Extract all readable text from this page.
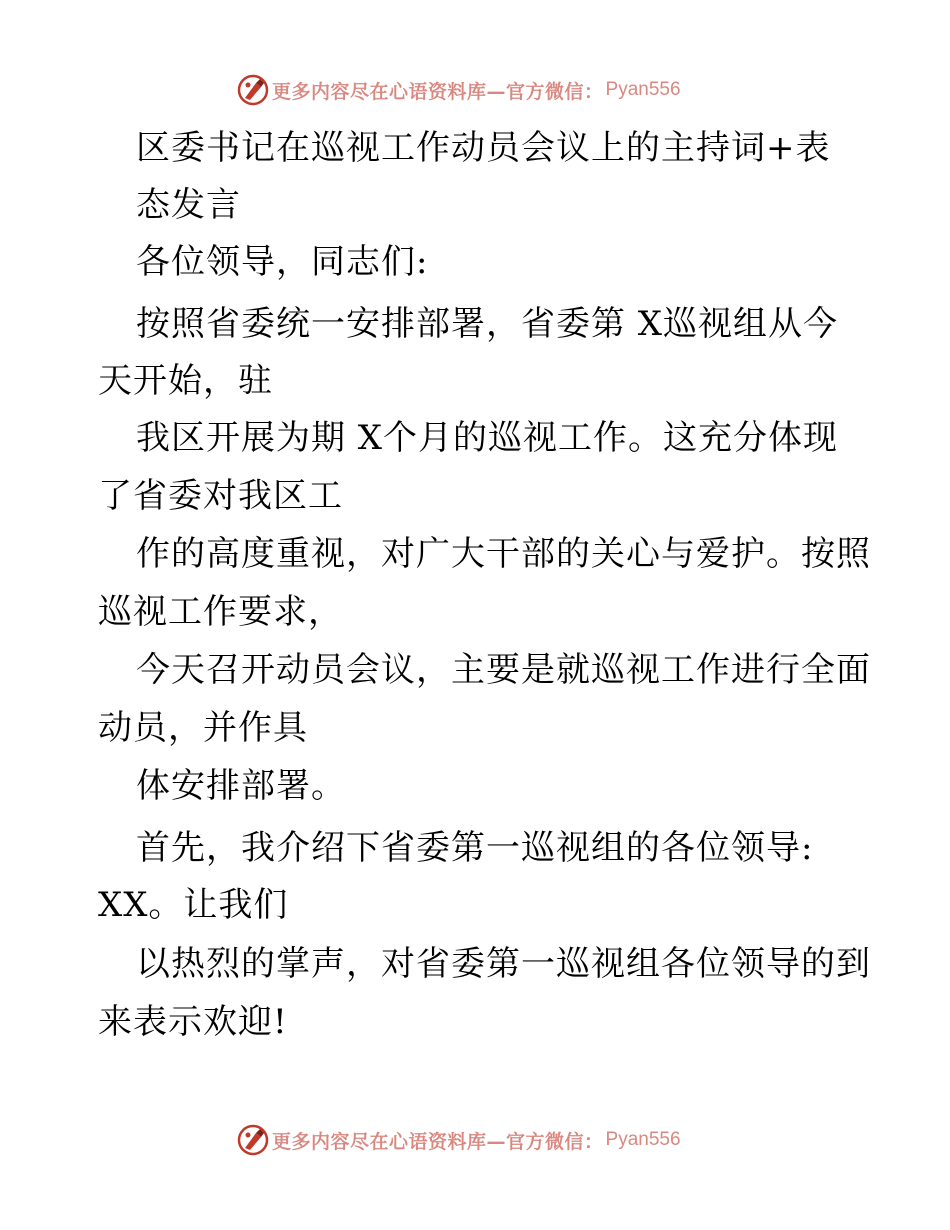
更多内容尽在心语资料库—官方微信： Pyan556
区委书记在巡视工作动员会议上的主持词+表
态发言
各位领导，同志们:
按照省委统一安排部署，省委第 X巡视组从今
天开始，驻
我区开展为期 X个月的巡视工作。这充分体现
了省委对我区工
作的高度重视，对广大干部的关心与爱护。按照
巡视工作要求，
今天召开动员会议，主要是就巡视工作进行全面
动员，并作具
体安排部署。
首先，我介绍下省委第一巡视组的各位领导:
XX。让我们
以热烈的掌声，对省委第一巡视组各位领导的到
来表示欢迎!
更多内容尽在心语资料库—官方微信： Pyan556
